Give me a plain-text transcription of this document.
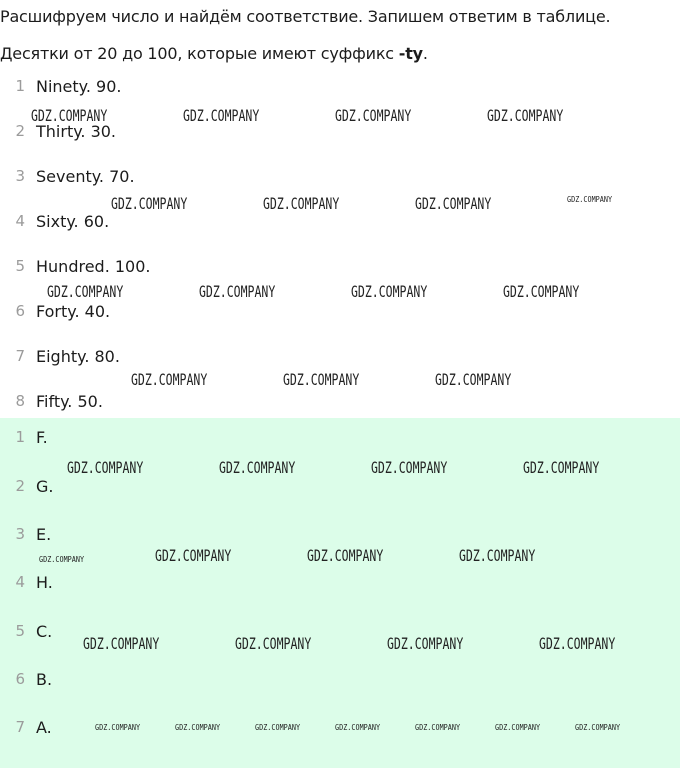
Расшифруем число и найдём соответствие. Запишем ответим в таблице.
Десятки от 20 до 100, которые имеют суффикс -ty.
1 Ninety. 90.
2 Thirty. 30.
3 Seventy. 70.
4 Sixty. 60.
5 Hundred. 100.
6 Forty. 40.
7 Eighty. 80.
8 Fifty. 50.
1 F.
2 G.
3 E.
4 H.
5 C.
6 B.
7 A.
GDZ.COMPANY	GDZ.COMPANY	GDZ.COMPANY	GDZ.COMPANY
GDZ.COMPANY	GDZ.COMPANY	GDZ.COMPANY	GDZ.COMPANY
GDZ.COMPANY	GDZ.COMPANY	GDZ.COMPANY	GDZ.COMPANY
GDZ.COMPANY	GDZ.COMPANY	GDZ.COMPANY
GDZ.COMPANY	GDZ.COMPANY	GDZ.COMPANY	GDZ.COMPANY
GDZ.COMPANY	GDZ.COMPANY	GDZ.COMPANY	GDZ.COMPANY
GDZ.COMPANY	GDZ.COMPANY	GDZ.COMPANY	GDZ.COMPANY
GDZ.COMPANY	GDZ.COMPANY	GDZ.COMPANY	GDZ.COMPANY	GDZ.COMPANY	GDZ.COMPANY	GDZ.COMPANY
